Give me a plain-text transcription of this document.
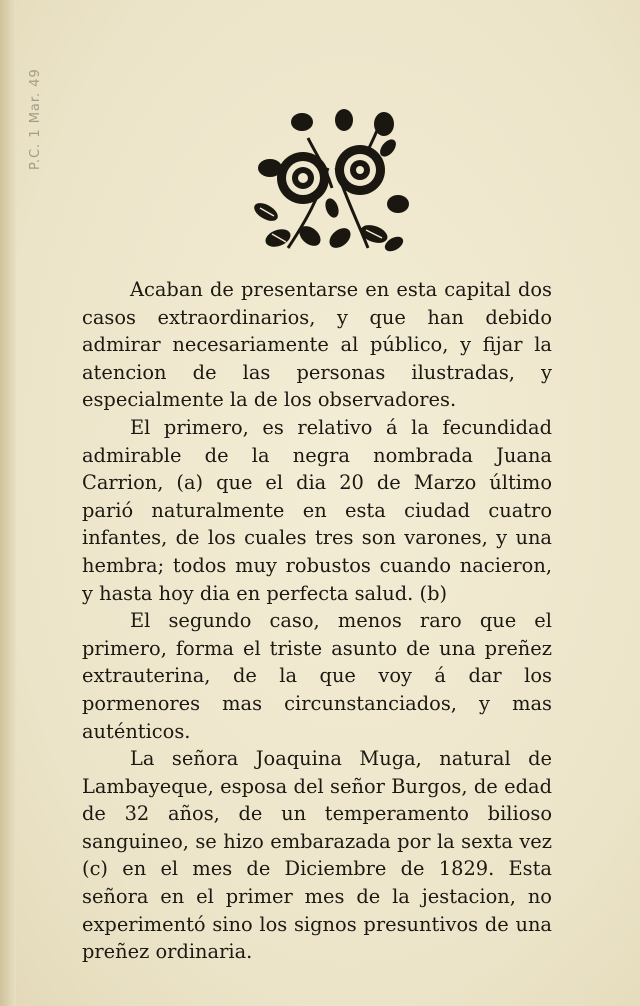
P.C. 1 Mar. 49

Acaban de presentarse en esta capital dos casos extraordinarios, y que han debido admirar necesariamente al público, y fijar la atencion de las personas ilustradas, y especialmente la de los observadores.

El primero, es relativo á la fecundidad admirable de la negra nombrada Juana Carrion, (a) que el dia 20 de Marzo último parió naturalmente en esta ciudad cuatro infantes, de los cuales tres son varones, y una hembra; todos muy robustos cuando nacieron, y hasta hoy dia en perfecta salud. (b)

El segundo caso, menos raro que el primero, forma el triste asunto de una preñez extrauterina, de la que voy á dar los pormenores mas circunstanciados, y mas auténticos.

La señora Joaquina Muga, natural de Lambayeque, esposa del señor Burgos, de edad de 32 años, de un temperamento bilioso sanguineo, se hizo embarazada por la sexta vez (c) en el mes de Diciembre de 1829. Esta señora en el primer mes de la jestacion, no experimentó sino los signos presuntivos de una preñez ordinaria.
